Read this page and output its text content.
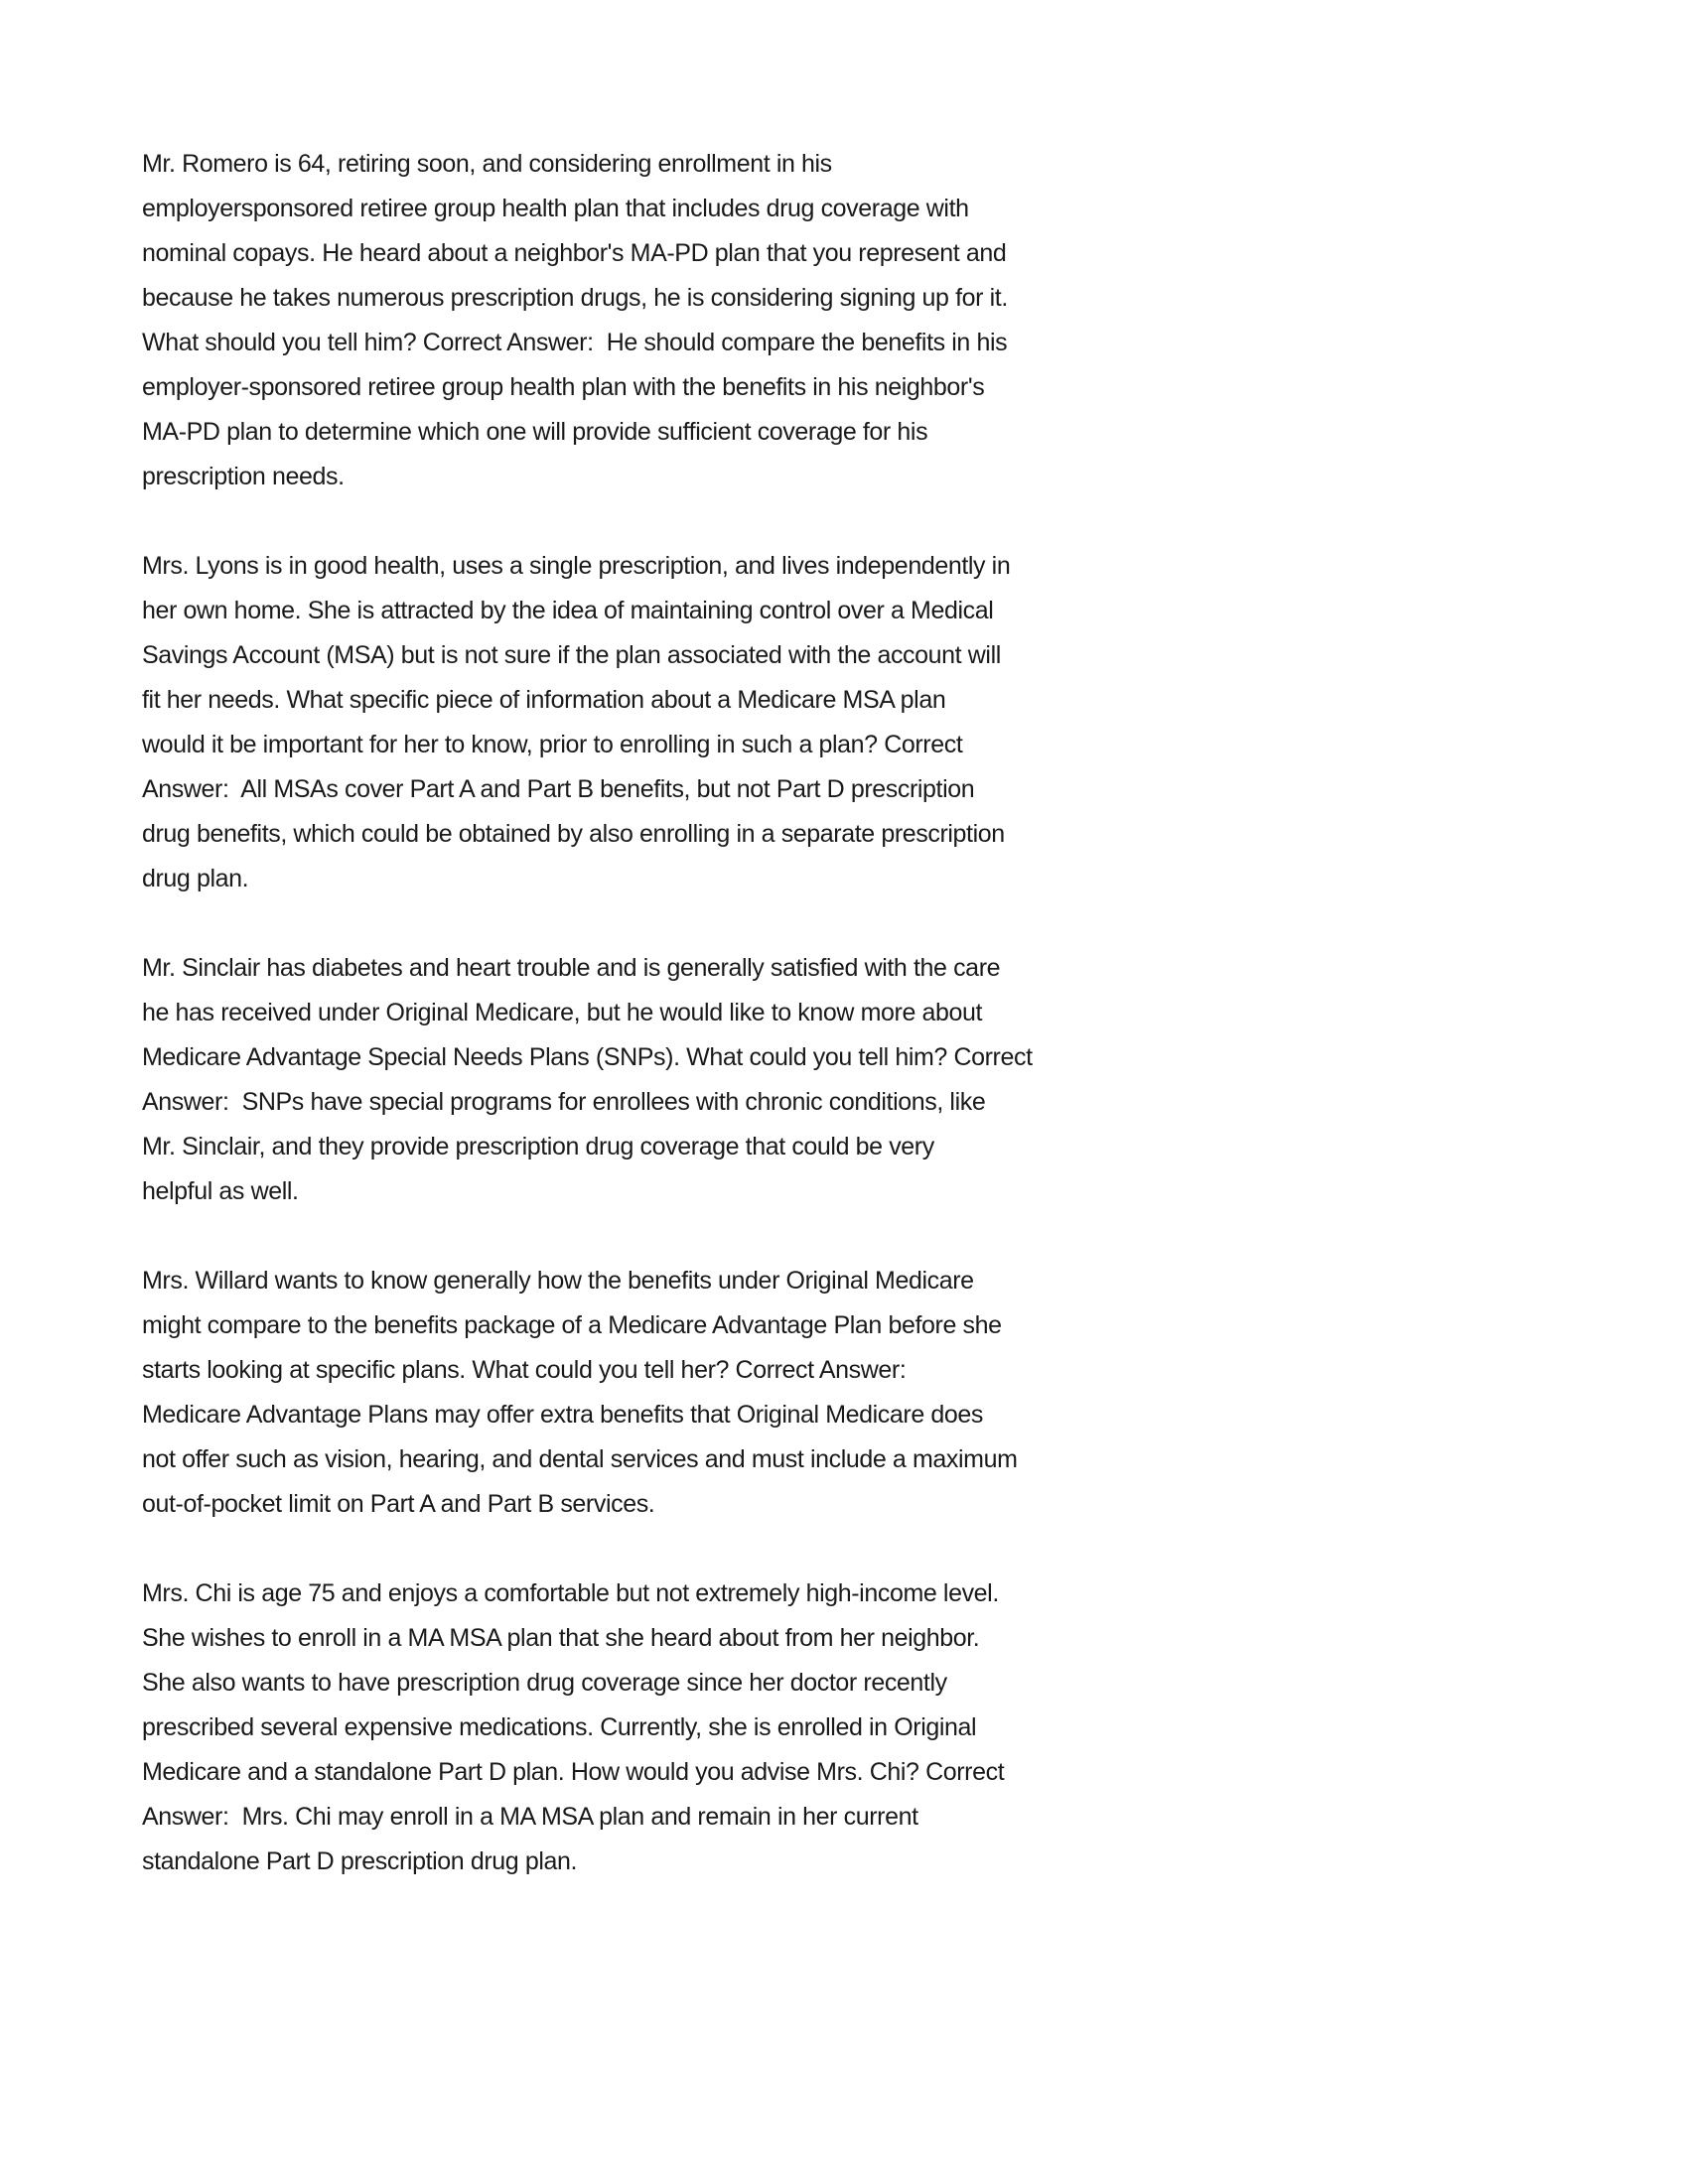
Mr. Romero is 64, retiring soon, and considering enrollment in his
employersponsored retiree group health plan that includes drug coverage with
nominal copays. He heard about a neighbor's MA-PD plan that you represent and
because he takes numerous prescription drugs, he is considering signing up for it.
What should you tell him? Correct Answer:  He should compare the benefits in his
employer-sponsored retiree group health plan with the benefits in his neighbor's
MA-PD plan to determine which one will provide sufficient coverage for his
prescription needs.
Mrs. Lyons is in good health, uses a single prescription, and lives independently in
her own home. She is attracted by the idea of maintaining control over a Medical
Savings Account (MSA) but is not sure if the plan associated with the account will
fit her needs. What specific piece of information about a Medicare MSA plan
would it be important for her to know, prior to enrolling in such a plan? Correct
Answer:  All MSAs cover Part A and Part B benefits, but not Part D prescription
drug benefits, which could be obtained by also enrolling in a separate prescription
drug plan.
Mr. Sinclair has diabetes and heart trouble and is generally satisfied with the care
he has received under Original Medicare, but he would like to know more about
Medicare Advantage Special Needs Plans (SNPs). What could you tell him? Correct
Answer:  SNPs have special programs for enrollees with chronic conditions, like
Mr. Sinclair, and they provide prescription drug coverage that could be very
helpful as well.
Mrs. Willard wants to know generally how the benefits under Original Medicare
might compare to the benefits package of a Medicare Advantage Plan before she
starts looking at specific plans. What could you tell her? Correct Answer:
Medicare Advantage Plans may offer extra benefits that Original Medicare does
not offer such as vision, hearing, and dental services and must include a maximum
out-of-pocket limit on Part A and Part B services.
Mrs. Chi is age 75 and enjoys a comfortable but not extremely high-income level.
She wishes to enroll in a MA MSA plan that she heard about from her neighbor.
She also wants to have prescription drug coverage since her doctor recently
prescribed several expensive medications. Currently, she is enrolled in Original
Medicare and a standalone Part D plan. How would you advise Mrs. Chi? Correct
Answer:  Mrs. Chi may enroll in a MA MSA plan and remain in her current
standalone Part D prescription drug plan.
